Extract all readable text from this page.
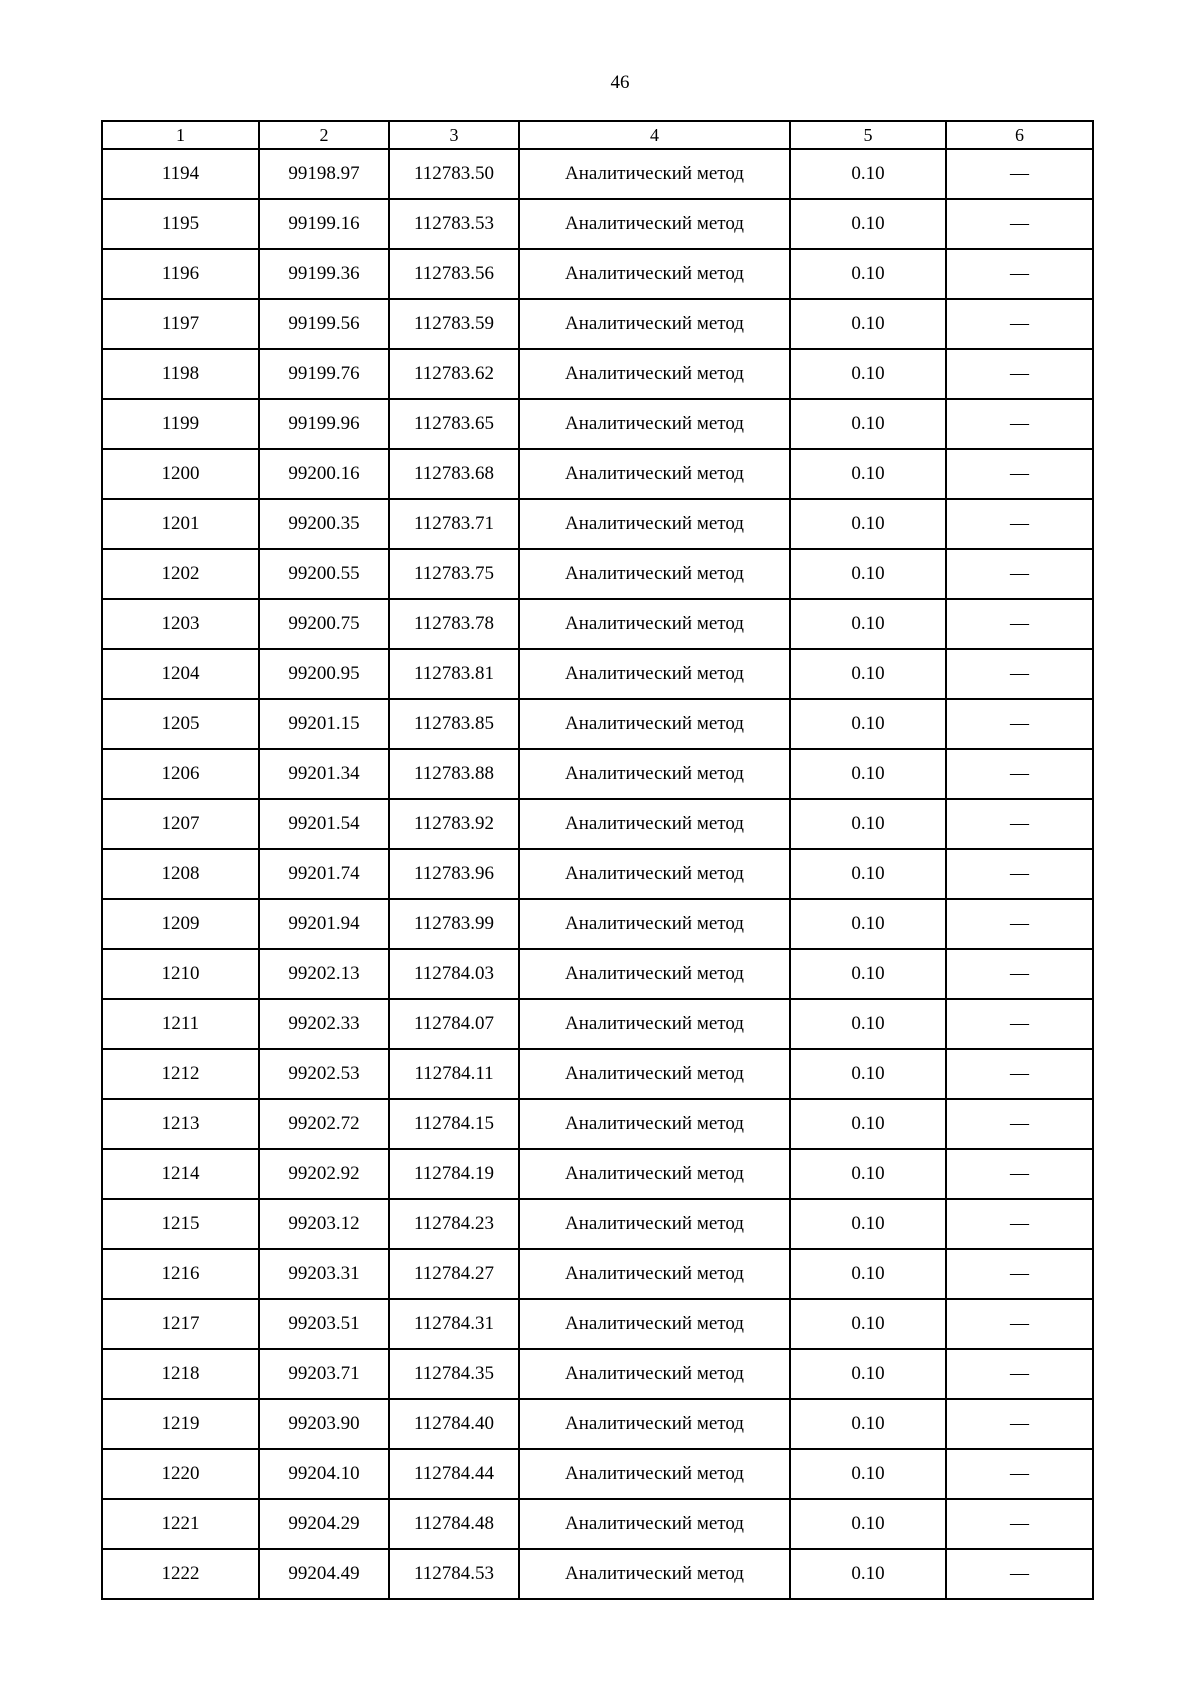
46
1	2	3	4	5	6
1194	99198.97	112783.50	Аналитический метод	0.10	—
1195	99199.16	112783.53	Аналитический метод	0.10	—
1196	99199.36	112783.56	Аналитический метод	0.10	—
1197	99199.56	112783.59	Аналитический метод	0.10	—
1198	99199.76	112783.62	Аналитический метод	0.10	—
1199	99199.96	112783.65	Аналитический метод	0.10	—
1200	99200.16	112783.68	Аналитический метод	0.10	—
1201	99200.35	112783.71	Аналитический метод	0.10	—
1202	99200.55	112783.75	Аналитический метод	0.10	—
1203	99200.75	112783.78	Аналитический метод	0.10	—
1204	99200.95	112783.81	Аналитический метод	0.10	—
1205	99201.15	112783.85	Аналитический метод	0.10	—
1206	99201.34	112783.88	Аналитический метод	0.10	—
1207	99201.54	112783.92	Аналитический метод	0.10	—
1208	99201.74	112783.96	Аналитический метод	0.10	—
1209	99201.94	112783.99	Аналитический метод	0.10	—
1210	99202.13	112784.03	Аналитический метод	0.10	—
1211	99202.33	112784.07	Аналитический метод	0.10	—
1212	99202.53	112784.11	Аналитический метод	0.10	—
1213	99202.72	112784.15	Аналитический метод	0.10	—
1214	99202.92	112784.19	Аналитический метод	0.10	—
1215	99203.12	112784.23	Аналитический метод	0.10	—
1216	99203.31	112784.27	Аналитический метод	0.10	—
1217	99203.51	112784.31	Аналитический метод	0.10	—
1218	99203.71	112784.35	Аналитический метод	0.10	—
1219	99203.90	112784.40	Аналитический метод	0.10	—
1220	99204.10	112784.44	Аналитический метод	0.10	—
1221	99204.29	112784.48	Аналитический метод	0.10	—
1222	99204.49	112784.53	Аналитический метод	0.10	—
